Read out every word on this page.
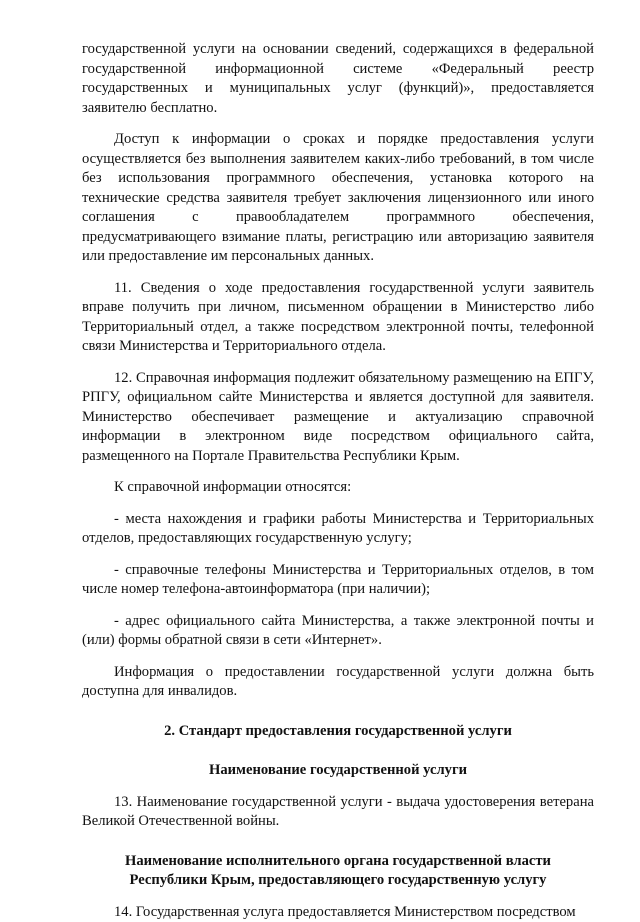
государственной услуги на основании сведений, содержащихся в федеральной государственной информационной системе «Федеральный реестр государственных и муниципальных услуг (функций)», предоставляется заявителю бесплатно.

Доступ к информации о сроках и порядке предоставления услуги осуществляется без выполнения заявителем каких-либо требований, в том числе без использования программного обеспечения, установка которого на технические средства заявителя требует заключения лицензионного или иного соглашения с правообладателем программного обеспечения, предусматривающего взимание платы, регистрацию или авторизацию заявителя или предоставление им персональных данных.

11. Сведения о ходе предоставления государственной услуги заявитель вправе получить при личном, письменном обращении в Министерство либо Территориальный отдел, а также посредством электронной почты, телефонной связи Министерства и Территориального отдела.

12. Справочная информация подлежит обязательному размещению на ЕПГУ, РПГУ, официальном сайте Министерства и является доступной для заявителя. Министерство обеспечивает размещение и актуализацию справочной информации в электронном виде посредством официального сайта, размещенного на Портале Правительства Республики Крым.

К справочной информации относятся:

- места нахождения и графики работы Министерства и Территориальных отделов, предоставляющих государственную услугу;

- справочные телефоны Министерства и Территориальных отделов, в том числе номер телефона-автоинформатора (при наличии);

- адрес официального сайта Министерства, а также электронной почты и (или) формы обратной связи в сети «Интернет».

Информация о предоставлении государственной услуги должна быть доступна для инвалидов.

2. Стандарт предоставления государственной услуги
Наименование государственной услуги

13. Наименование государственной услуги - выдача удостоверения ветерана Великой Отечественной войны.

Наименование исполнительного органа государственной власти Республики Крым, предоставляющего государственную услугу

14. Государственная услуга предоставляется Министерством посредством
